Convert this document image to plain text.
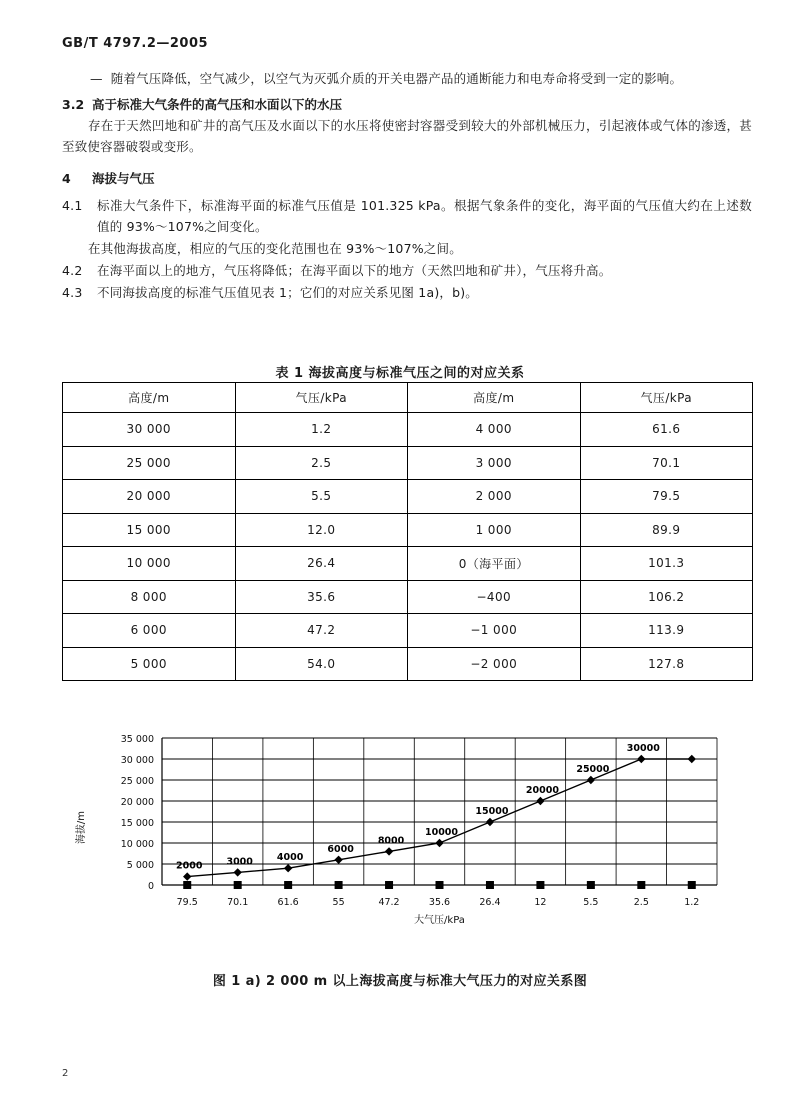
GB/T 4797.2—2005
— 随着气压降低，空气减少，以空气为灭弧介质的开关电器产品的通断能力和电寿命将受到一定的影响。
3.2 高于标准大气条件的高气压和水面以下的水压
存在于天然凹地和矿井的高气压及水面以下的水压将使密封容器受到较大的外部机械压力，引起液体或气体的渗透，甚至致使容器破裂或变形。
4 海拔与气压
4.1	标准大气条件下，标准海平面的标准气压值是 101.325 kPa。根据气象条件的变化，海平面的气压值大约在上述数值的 93%～107%之间变化。
在其他海拔高度，相应的气压的变化范围也在 93%～107%之间。
4.2	在海平面以上的地方，气压将降低；在海平面以下的地方（天然凹地和矿井），气压将升高。
4.3	不同海拔高度的标准气压值见表 1；它们的对应关系见图 1a)，b)。
表 1 海拔高度与标准气压之间的对应关系
高度/m	气压/kPa	高度/m	气压/kPa
30 000	1.2	4 000	61.6
25 000	2.5	3 000	70.1
20 000	5.5	2 000	79.5
15 000	12.0	1 000	89.9
10 000	26.4	0（海平面）	101.3
8 000	35.6	−400	106.2
6 000	47.2	−1 000	113.9
5 000	54.0	−2 000	127.8
0
5 000
10 000
15 000
20 000
25 000
30 000
35 000
79.5	70.1	61.6	55	47.2	35.6	26.4	12	5.5	2.5	1.2
2000	3000	4000
6000
8000
10000
15000
20000
25000
30000
海拔/m
大气压/kPa
图 1 a) 2 000 m 以上海拔高度与标准大气压力的对应关系图
2
